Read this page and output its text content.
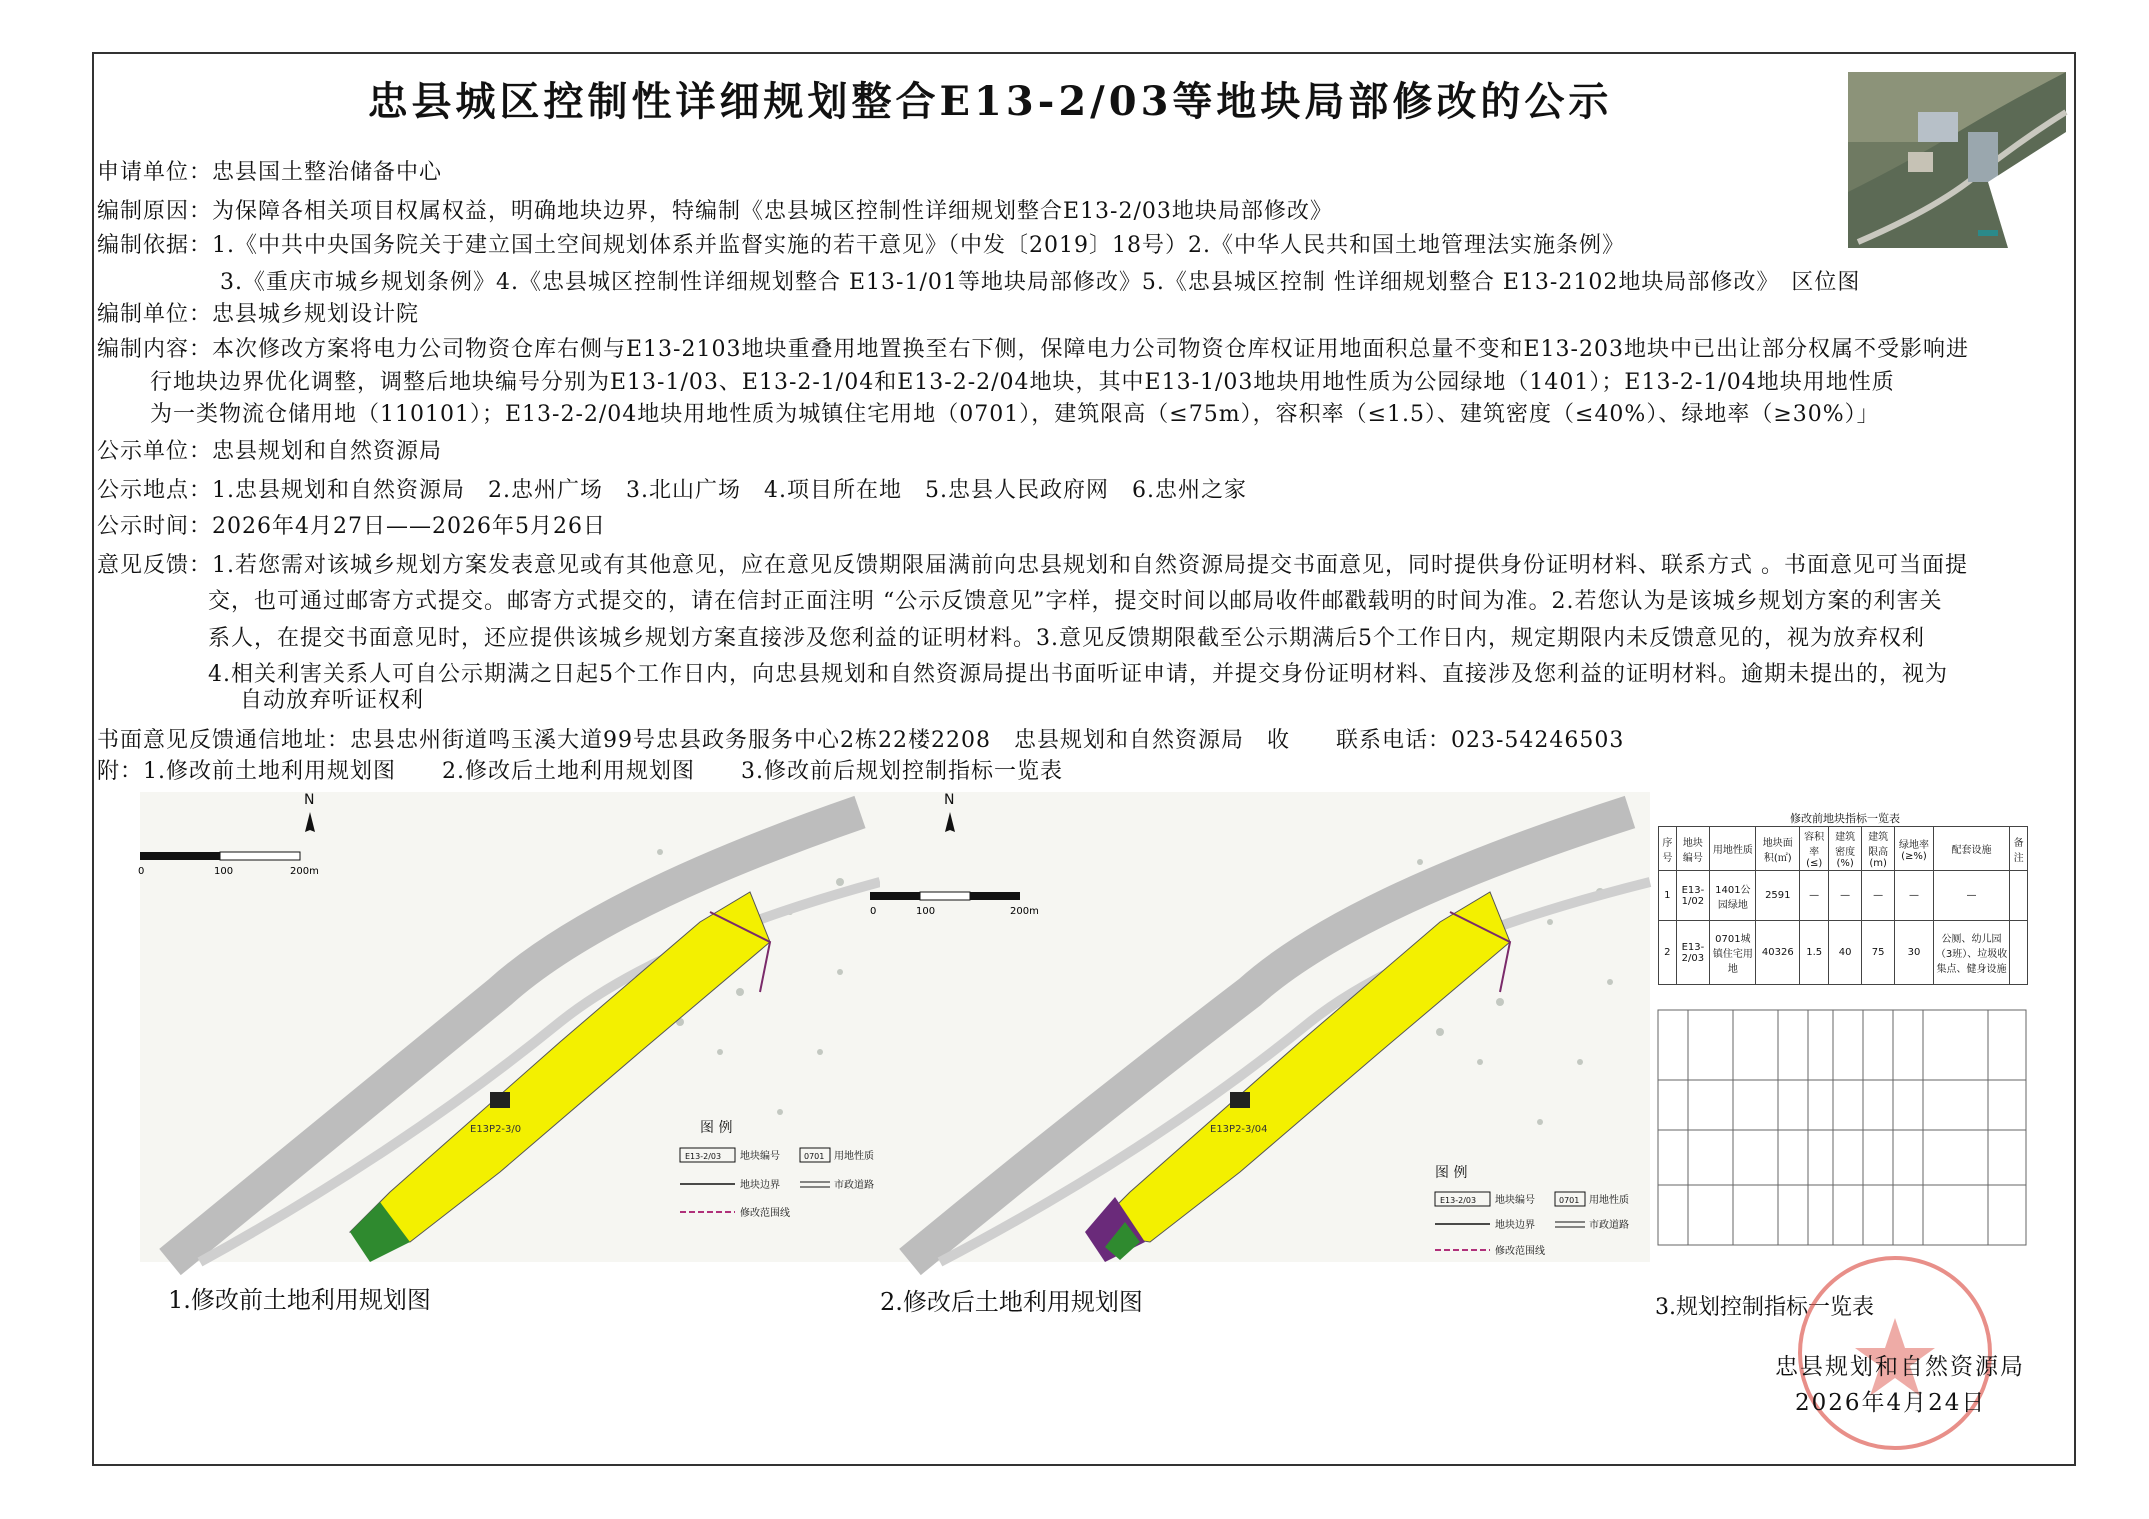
忠县城区控制性详细规划整合E13-2/03等地块局部修改的公示
申请单位：忠县国土整治储备中心
编制原因：为保障各相关项目权属权益，明确地块边界，特编制《忠县城区控制性详细规划整合E13-2/03地块局部修改》
编制依据：1.《中共中央国务院关于建立国土空间规划体系并监督实施的若干意见》（中发〔2019〕18号）2.《中华人民共和国土地管理法实施条例》
3.《重庆市城乡规划条例》4.《忠县城区控制性详细规划整合 E13-1/01等地块局部修改》5.《忠县城区控制 性详细规划整合 E13-2102地块局部修改》　区位图
编制单位：忠县城乡规划设计院
编制内容：本次修改方案将电力公司物资仓库右侧与E13-2103地块重叠用地置换至右下侧，保障电力公司物资仓库权证用地面积总量不变和E13-203地块中已出让部分权属不受影响进
行地块边界优化调整，调整后地块编号分别为E13-1/03、E13-2-1/04和E13-2-2/04地块，其中E13-1/03地块用地性质为公园绿地（1401）；E13-2-1/04地块用地性质
为一类物流仓储用地（110101）；E13-2-2/04地块用地性质为城镇住宅用地（0701），建筑限高（≤75m），容积率（≤1.5）、建筑密度（≤40%）、绿地率（≥30%）」
公示单位：忠县规划和自然资源局
公示地点：1.忠县规划和自然资源局　2.忠州广场　3.北山广场　4.项目所在地　5.忠县人民政府网　6.忠州之家
公示时间：2026年4月27日——2026年5月26日
意见反馈：1.若您需对该城乡规划方案发表意见或有其他意见，应在意见反馈期限届满前向忠县规划和自然资源局提交书面意见，同时提供身份证明材料、联系方式 。书面意见可当面提
交，也可通过邮寄方式提交。邮寄方式提交的，请在信封正面注明 “公示反馈意见”字样，提交时间以邮局收件邮戳载明的时间为准。2.若您认为是该城乡规划方案的利害关
系人，在提交书面意见时，还应提供该城乡规划方案直接涉及您利益的证明材料。3.意见反馈期限截至公示期满后5个工作日内，规定期限内未反馈意见的，视为放弃权利
4.相关利害关系人可自公示期满之日起5个工作日内，向忠县规划和自然资源局提出书面听证申请，并提交身份证明材料、直接涉及您利益的证明材料。逾期未提出的，视为
自动放弃听证权利
书面意见反馈通信地址：忠县忠州街道鸣玉溪大道99号忠县政务服务中心2栋22楼2208　忠县规划和自然资源局　收　　联系电话：023-54246503
附：1.修改前土地利用规划图　　2.修改后土地利用规划图　　3.修改前后规划控制指标一览表
E13P2-3/0
N
0	100	200m
图 例
E13-2/03 地块编号	0701 用地性质
地块边界	市政道路
修改范围线
1.修改前土地利用规划图
E13P2-3/04
N
0	100	200m
图 例
E13-2/03 地块编号	0701 用地性质
地块边界	市政道路
修改范围线
2.修改后土地利用规划图
修改前地块指标一览表
序号	地块编号	用地性质	地块面积(㎡)	容积率(≤)	建筑密度(%)	建筑限高(m)	绿地率(≥%)	配套设施	备注
1	E13-1/02	1401公园绿地	2591	—	—	—	—	—	
2	E13-2/03	0701城镇住宅用地	40326	1.5	40	75	30	公厕、幼儿园（3班）、垃圾收集点、健身设施	
3.规划控制指标一览表
忠县规划和自然资源局
2026年4月24日
